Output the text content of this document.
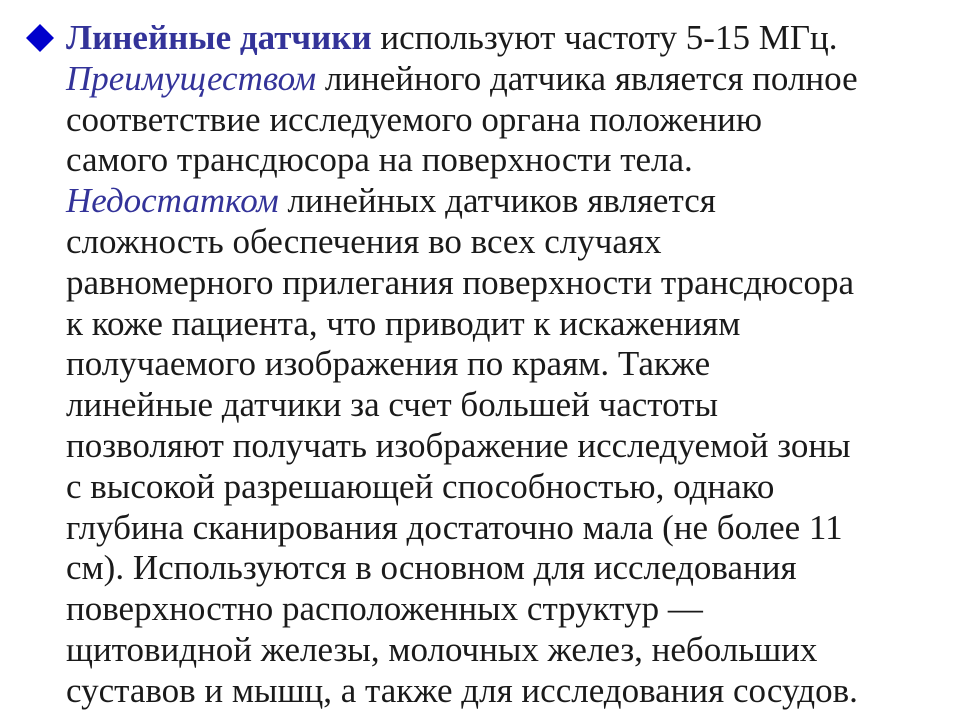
Линейные датчики используют частоту 5-15 МГц.
Преимуществом линейного датчика является полное
соответствие исследуемого органа положению
самого трансдюсора на поверхности тела.
Недостатком линейных датчиков является
сложность обеспечения во всех случаях
равномерного прилегания поверхности трансдюсора
к коже пациента, что приводит к искажениям
получаемого изображения по краям. Также
линейные датчики за счет большей частоты
позволяют получать изображение исследуемой зоны
с высокой разрешающей способностью, однако
глубина сканирования достаточно мала (не более 11
см). Используются в основном для исследования
поверхностно расположенных структур —
щитовидной железы, молочных желез, небольших
суставов и мышц, а также для исследования сосудов.
